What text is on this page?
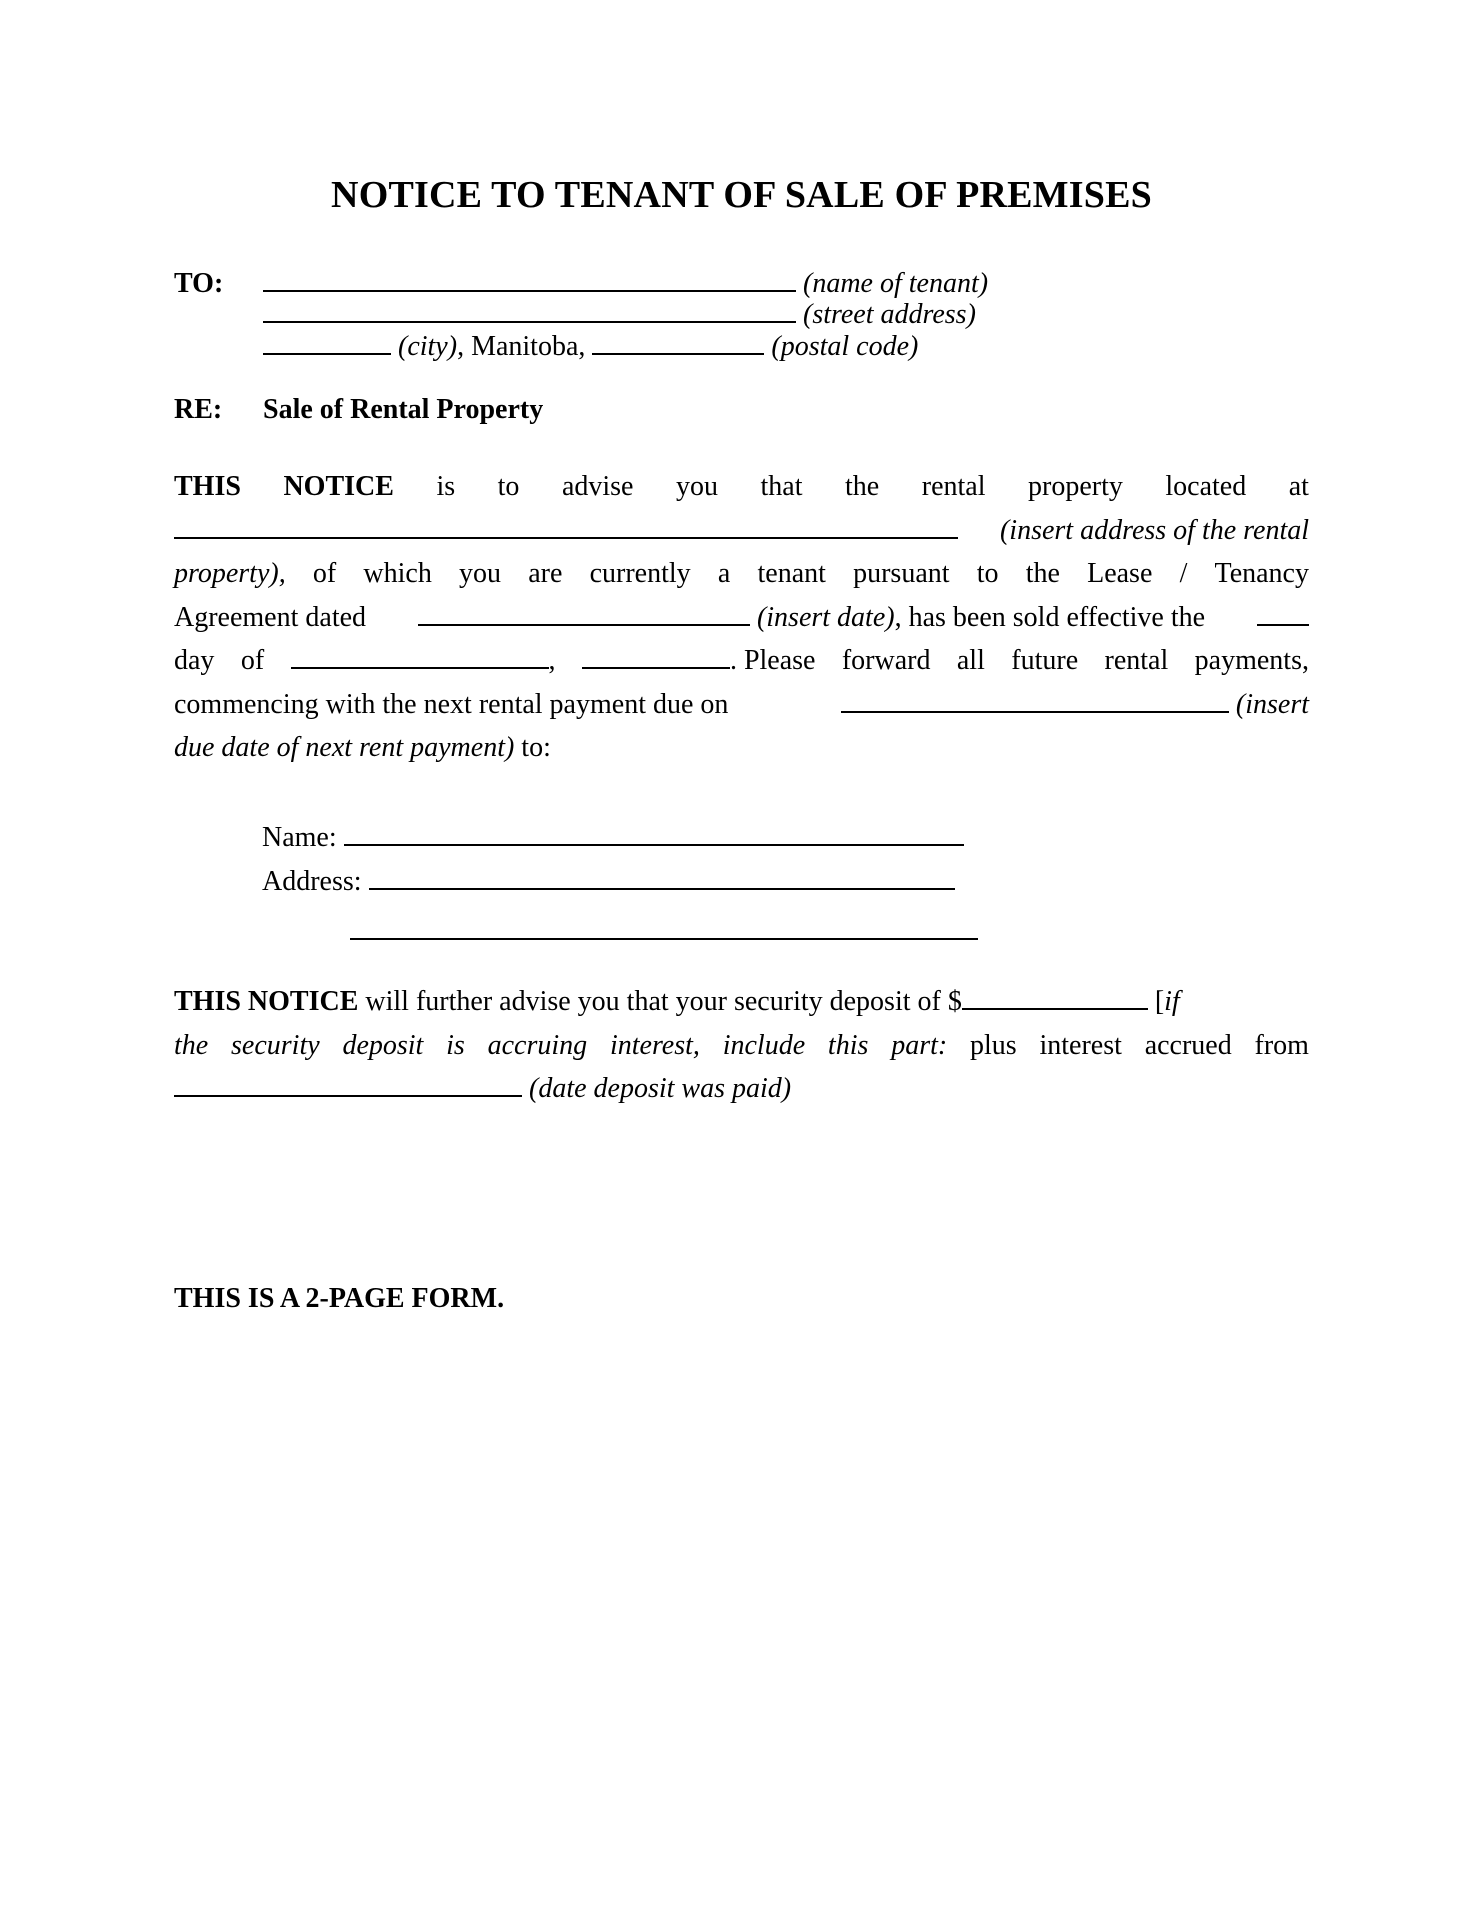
NOTICE TO TENANT OF SALE OF PREMISES
TO:	(name of tenant)
(street address)
(city), Manitoba,	(postal code)
RE: Sale of Rental Property
THIS NOTICE is to advise you that the rental property located at
(insert address of the rental
property), of which you are currently a tenant pursuant to the Lease / Tenancy
Agreement dated	(insert date), has been sold effective the
day of	,	. Please forward all future rental payments,
commencing with the next rental payment due on	(insert
due date of next rent payment) to:
Name:
Address:
THIS NOTICE will further advise you that your security deposit of $	[if
the security deposit is accruing interest, include this part: plus interest accrued from
(date deposit was paid)
THIS IS A 2-PAGE FORM.
